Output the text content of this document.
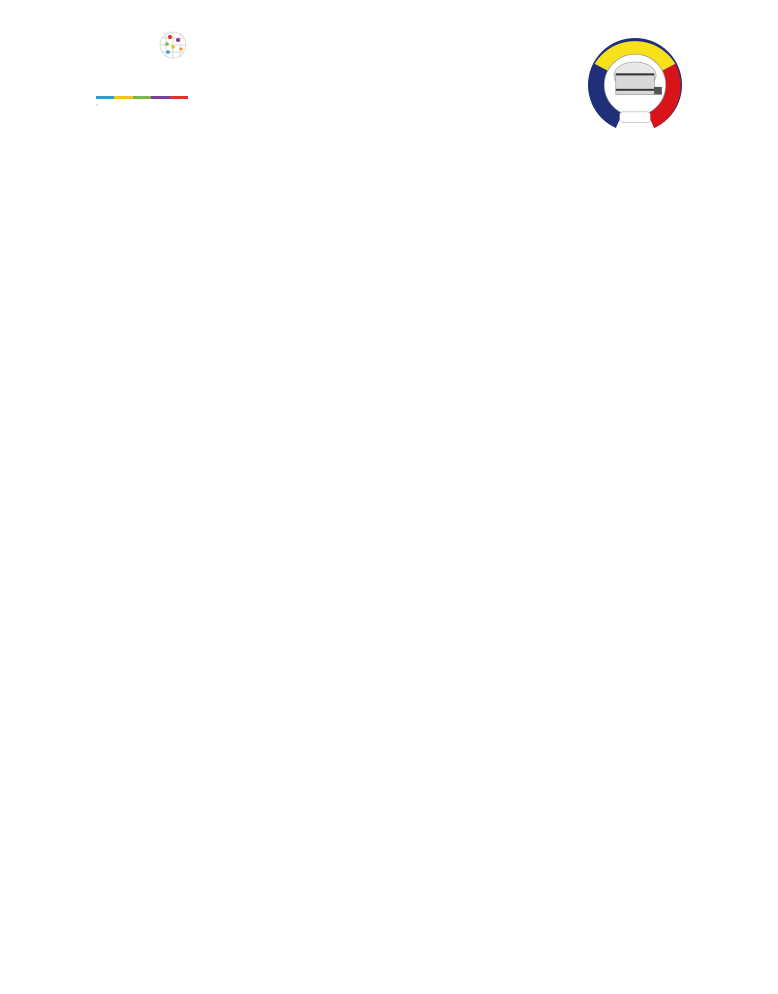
◦
